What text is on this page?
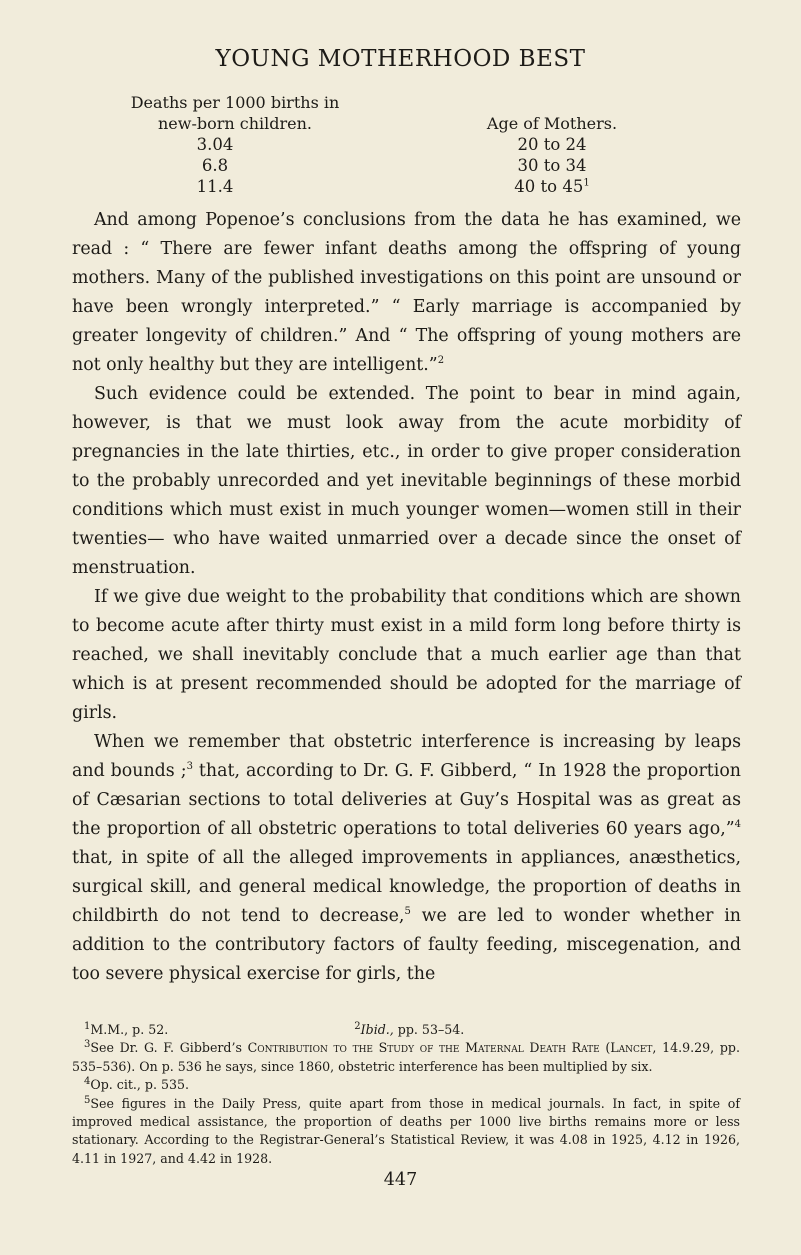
YOUNG MOTHERHOOD BEST
Deaths per 1000 births in
new-born children.	Age of Mothers.
3.04	20 to 24
6.8	30 to 34
11.4	40 to $45^1$

And among Popenoe’s conclusions from the data he has examined, we read : “ There are fewer infant deaths among the offspring of young mothers. Many of the published investigations on this point are unsound or have been wrongly interpreted.” “ Early marriage is accompanied by greater longevity of children.” And “ The offspring of young mothers are not only healthy but they are intelligent.”$^2$

Such evidence could be extended. The point to bear in mind again, however, is that we must look away from the acute morbidity of pregnancies in the late thirties, etc., in order to give proper consideration to the probably unrecorded and yet inevitable beginnings of these morbid conditions which must exist in much younger women—women still in their twenties— who have waited unmarried over a decade since the onset of menstruation.

If we give due weight to the probability that conditions which are shown to become acute after thirty must exist in a mild form long before thirty is reached, we shall inevitably conclude that a much earlier age than that which is at present recommended should be adopted for the marriage of girls.

When we remember that obstetric interference is increasing by leaps and bounds ;$^3$ that, according to Dr. G. F. Gibberd, “ In 1928 the proportion of Cæsarian sections to total deliveries at Guy’s Hospital was as great as the proportion of all obstetric operations to total deliveries 60 years ago,”$^4$ that, in spite of all the alleged improvements in appliances, anæsthetics, surgical skill, and general medical knowledge, the proportion of deaths in childbirth do not tend to decrease,$^5$ we are led to wonder whether in addition to the contributory factors of faulty feeding, miscegenation, and too severe physical exercise for girls, the

$^1$M.M., p. 52.	$^2$Ibid., pp. 53–54.

$^3$See Dr. G. F. Gibberd’s Contribution to the Study of the Maternal Death Rate (Lancet, 14.9.29, pp. 535–536). On p. 536 he says, since 1860, obstetric interference has been multiplied by six.

$^4$Op. cit., p. 535.

$^5$See figures in the Daily Press, quite apart from those in medical journals. In fact, in spite of improved medical assistance, the proportion of deaths per 1000 live births remains more or less stationary. According to the Registrar-General’s Statistical Review, it was 4.08 in 1925, 4.12 in 1926, 4.11 in 1927, and 4.42 in 1928.

447
